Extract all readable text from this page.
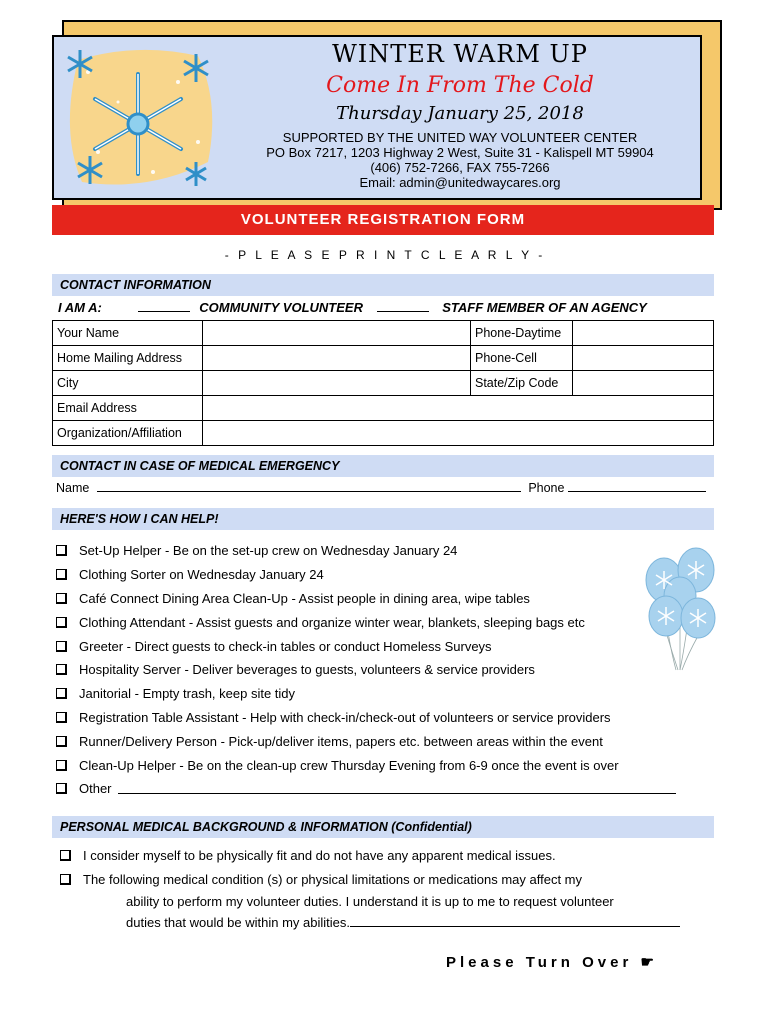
WINTER WARM UP
Come In From The Cold
Thursday January 25, 2018
SUPPORTED BY THE UNITED WAY VOLUNTEER CENTER
PO Box 7217, 1203 Highway 2 West, Suite 31 - Kalispell MT 59904
(406) 752-7266, FAX 755-7266
Email: admin@unitedwaycares.org
VOLUNTEER REGISTRATION FORM
- P L E A S E P R I N T C L E A R L Y -
CONTACT INFORMATION
I AM A:	COMMUNITY VOLUNTEER	STAFF MEMBER OF AN AGENCY
Your Name		Phone-Daytime	
Home Mailing Address		Phone-Cell	
City		State/Zip Code	
Email Address			
Organization/Affiliation			
CONTACT IN CASE OF MEDICAL EMERGENCY
Name	Phone
HERE'S HOW I CAN HELP!
Set-Up Helper - Be on the set-up crew on Wednesday January 24
Clothing Sorter on Wednesday January 24
Café Connect Dining Area Clean-Up - Assist people in dining area, wipe tables
Clothing Attendant - Assist guests and organize winter wear, blankets, sleeping bags etc
Greeter - Direct guests to check-in tables or conduct Homeless Surveys
Hospitality Server - Deliver beverages to guests, volunteers & service providers
Janitorial - Empty trash, keep site tidy
Registration Table Assistant - Help with check-in/check-out of volunteers or service providers
Runner/Delivery Person - Pick-up/deliver items, papers etc. between areas within the event
Clean-Up Helper - Be on the clean-up crew Thursday Evening from 6-9 once the event is over
Other
PERSONAL MEDICAL BACKGROUND & INFORMATION (Confidential)
I consider myself to be physically fit and do not have any apparent medical issues.
The following medical condition (s) or physical limitations or medications may affect my
ability to perform my volunteer duties. I understand it is up to me to request volunteer
duties that would be within my abilities.
Please Turn Over ☛
